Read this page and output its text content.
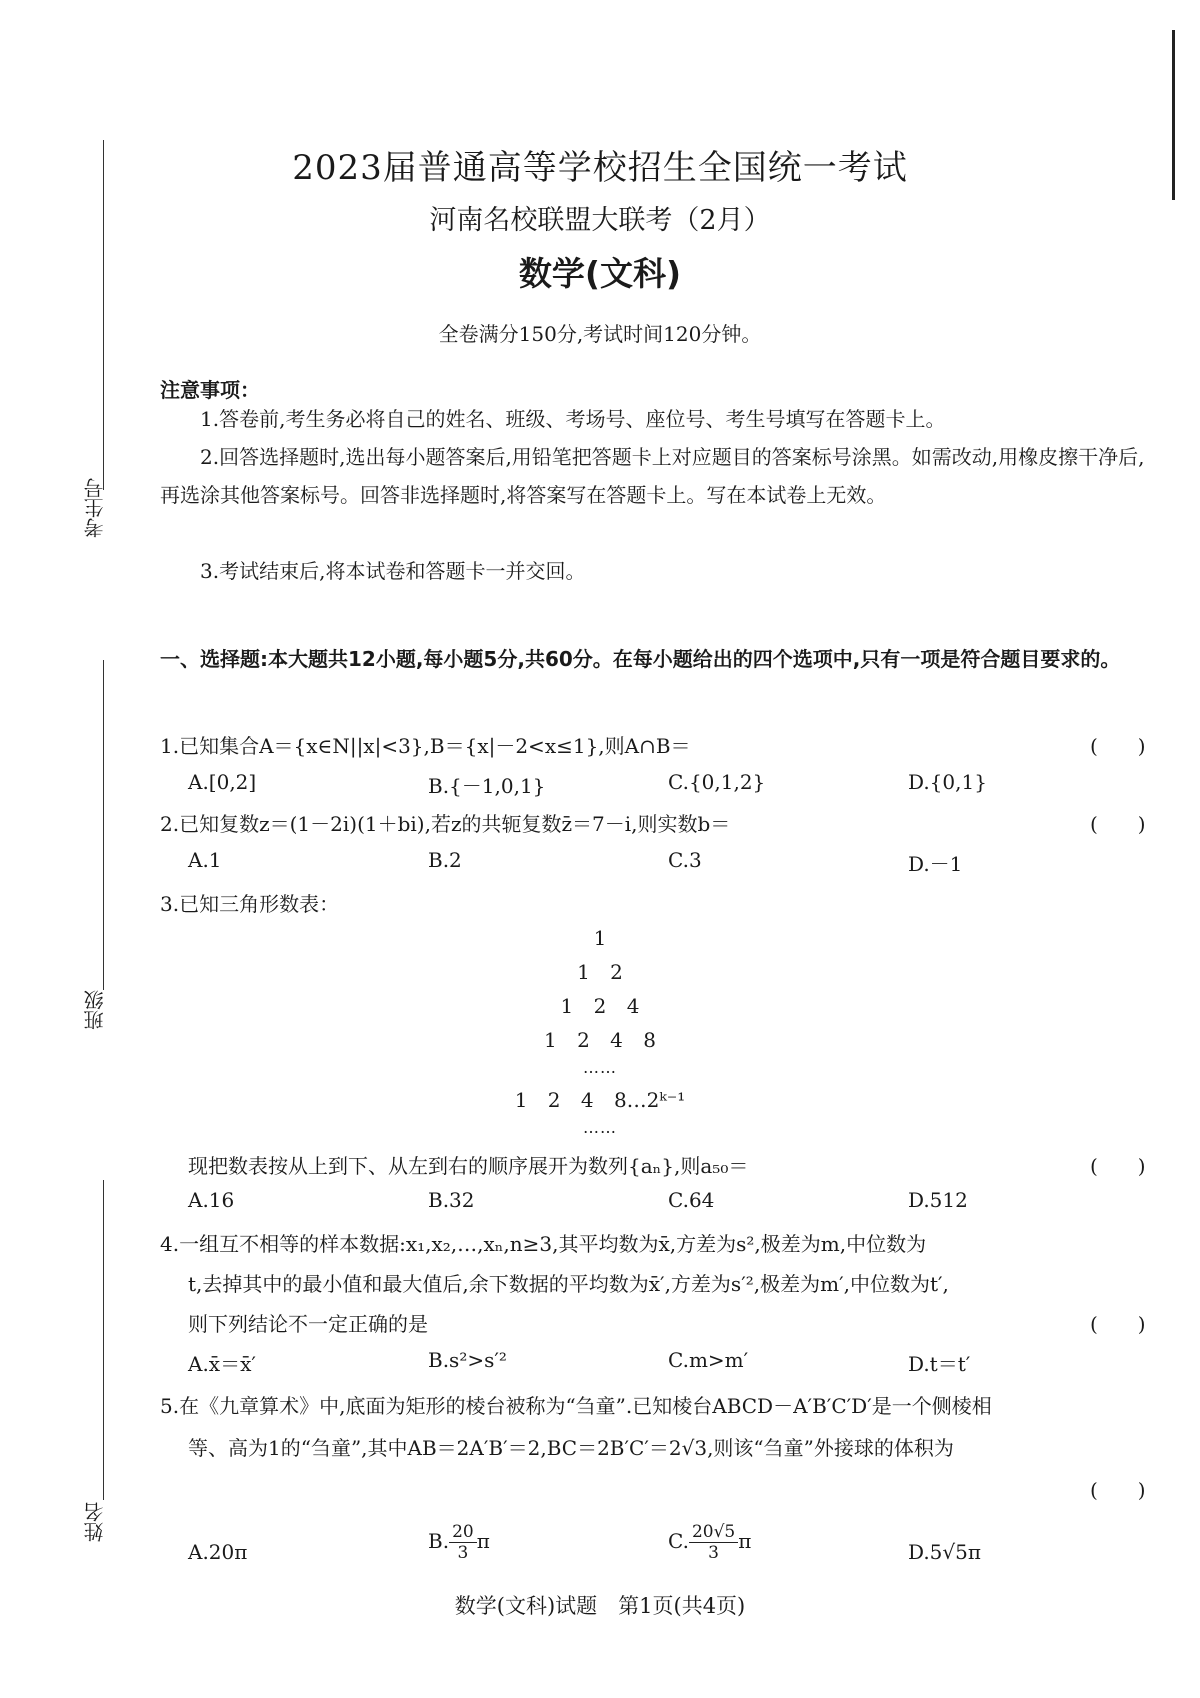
考生号
班级
姓名
2023届普通高等学校招生全国统一考试
河南名校联盟大联考（2月）
数学(文科)
全卷满分150分,考试时间120分钟。
注意事项：
1.答卷前,考生务必将自己的姓名、班级、考场号、座位号、考生号填写在答题卡上。
2.回答选择题时,选出每小题答案后,用铅笔把答题卡上对应题目的答案标号涂黑。如需改动,用橡皮擦干净后,再选涂其他答案标号。回答非选择题时,将答案写在答题卡上。写在本试卷上无效。
3.考试结束后,将本试卷和答题卡一并交回。
一、选择题:本大题共12小题,每小题5分,共60分。在每小题给出的四个选项中,只有一项是符合题目要求的。
1.已知集合A＝{x∈N||x|<3},B＝{x|－2<x≤1},则A∩B＝	(　　)
A.[0,2]	B.{－1,0,1}	C.{0,1,2}	D.{0,1}
2.已知复数z＝(1－2i)(1＋bi),若z的共轭复数z̄＝7－i,则实数b＝	(　　)
A.1	B.2	C.3	D.－1
3.已知三角形数表：
1
1 2
1 2 4
1 2 4 8
……
1 2 4 8…2ᵏ⁻¹
……
现把数表按从上到下、从左到右的顺序展开为数列{aₙ},则a₅₀＝	(　　)
A.16	B.32	C.64	D.512
4.一组互不相等的样本数据:x₁,x₂,…,xₙ,n≥3,其平均数为x̄,方差为s²,极差为m,中位数为
t,去掉其中的最小值和最大值后,余下数据的平均数为x̄′,方差为s′²,极差为m′,中位数为t′,
则下列结论不一定正确的是	(　　)
A.x̄＝x̄′	B.s²>s′²	C.m>m′	D.t＝t′
5.在《九章算术》中,底面为矩形的棱台被称为“刍童”.已知棱台ABCD－A′B′C′D′是一个侧棱相
等、高为1的“刍童”,其中AB＝2A′B′＝2,BC＝2B′C′＝2√3,则该“刍童”外接球的体积为
(　　)
A.20π	B. $\frac{20}{3}$ π	C. $\frac{20√5}{3}$ π	D.5√5π
数学(文科)试题　第1页(共4页)
